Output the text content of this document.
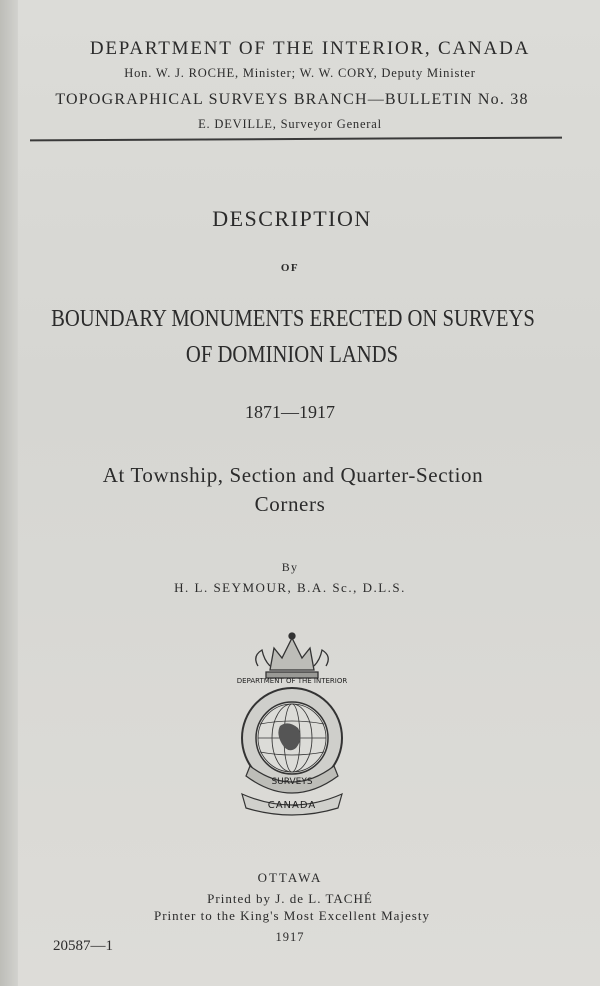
DEPARTMENT OF THE INTERIOR, CANADA
Hon. W. J. ROCHE, Minister; W. W. CORY, Deputy Minister
TOPOGRAPHICAL SURVEYS BRANCH—BULLETIN No. 38
E. DEVILLE, Surveyor General
DESCRIPTION
OF
BOUNDARY MONUMENTS ERECTED ON SURVEYS
OF DOMINION LANDS
1871—1917
At Township, Section and Quarter-Section
Corners
By
H. L. SEYMOUR, B.A. Sc., D.L.S.
DEPARTMENT OF THE INTERIOR
SURVEYS
CANADA
OTTAWA
Printed by J. de L. TACHÉ
Printer to the King's Most Excellent Majesty
1917
20587—1
